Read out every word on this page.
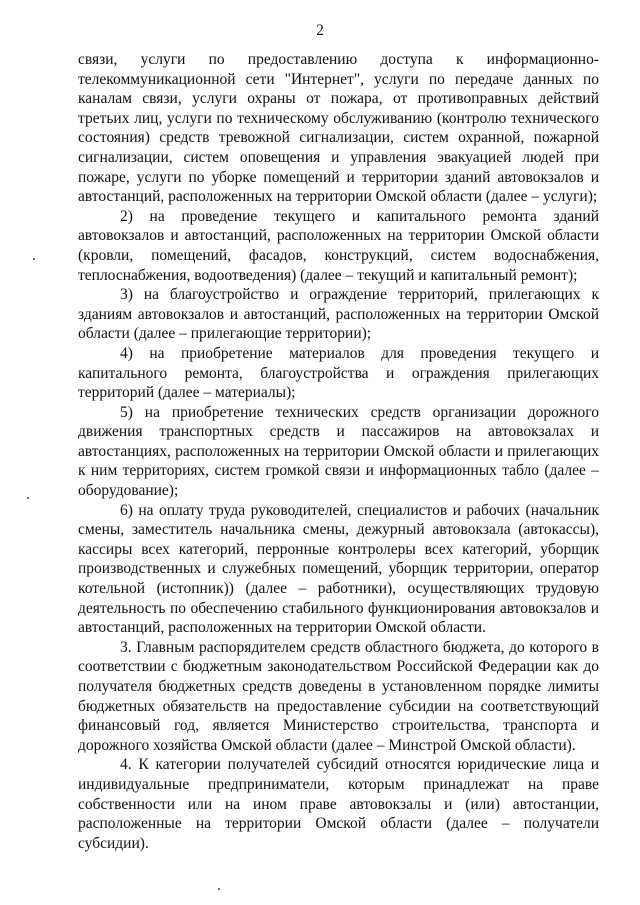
2

связи, услуги по предоставлению доступа к информационно-телекоммуникационной сети "Интернет", услуги по передаче данных по каналам связи, услуги охраны от пожара, от противоправных действий третьих лиц, услуги по техническому обслуживанию (контролю технического состояния) средств тревожной сигнализации, систем охранной, пожарной сигнализации, систем оповещения и управления эвакуацией людей при пожаре, услуги по уборке помещений и территории зданий автовокзалов и автостанций, расположенных на территории Омской области (далее – услуги);

2) на проведение текущего и капитального ремонта зданий автовокзалов и автостанций, расположенных на территории Омской области (кровли, помещений, фасадов, конструкций, систем водоснабжения, теплоснабжения, водоотведения) (далее – текущий и капитальный ремонт);

3) на благоустройство и ограждение территорий, прилегающих к зданиям автовокзалов и автостанций, расположенных на территории Омской области (далее – прилегающие территории);

4) на приобретение материалов для проведения текущего и капитального ремонта, благоустройства и ограждения прилегающих территорий (далее – материалы);

5) на приобретение технических средств организации дорожного движения транспортных средств и пассажиров на автовокзалах и автостанциях, расположенных на территории Омской области и прилегающих к ним территориях, систем громкой связи и информационных табло (далее – оборудование);

6) на оплату труда руководителей, специалистов и рабочих (начальник смены, заместитель начальника смены, дежурный автовокзала (автокассы), кассиры всех категорий, перронные контролеры всех категорий, уборщик производственных и служебных помещений, уборщик территории, оператор котельной (истопник)) (далее – работники), осуществляющих трудовую деятельность по обеспечению стабильного функционирования автовокзалов и автостанций, расположенных на территории Омской области.

3. Главным распорядителем средств областного бюджета, до которого в соответствии с бюджетным законодательством Российской Федерации как до получателя бюджетных средств доведены в установленном порядке лимиты бюджетных обязательств на предоставление субсидии на соответствующий финансовый год, является Министерство строительства, транспорта и дорожного хозяйства Омской области (далее – Минстрой Омской области).

4. К категории получателей субсидий относятся юридические лица и индивидуальные предприниматели, которым принадлежат на праве собственности или на ином праве автовокзалы и (или) автостанции, расположенные на территории Омской области (далее – получатели субсидии).
